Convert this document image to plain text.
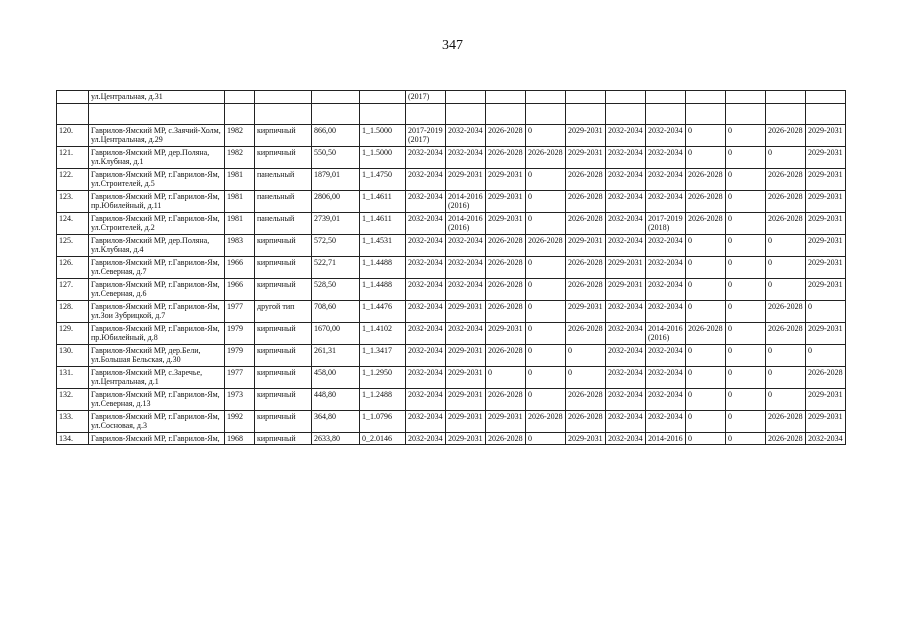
347
	ул.Центральная, д.31					(2017)										

120.	Гаврилов-Ямский МР, с.Заячий-Холм, ул.Центральная, д.29	1982	кирпичный	866,00	1_1.5000	2017-2019 (2017)	2032-2034	2026-2028	0	2029-2031	2032-2034	2032-2034	0	0	2026-2028	2029-2031
121.	Гаврилов-Ямский МР, дер.Поляна, ул.Клубная, д.1	1982	кирпичный	550,50	1_1.5000	2032-2034	2032-2034	2026-2028	2026-2028	2029-2031	2032-2034	2032-2034	0	0	0	2029-2031
122.	Гаврилов-Ямский МР, г.Гаврилов-Ям, ул.Строителей, д.5	1981	панельный	1879,01	1_1.4750	2032-2034	2029-2031	2029-2031	0	2026-2028	2032-2034	2032-2034	2026-2028	0	2026-2028	2029-2031
123.	Гаврилов-Ямский МР, г.Гаврилов-Ям, пр.Юбилейный, д.11	1981	панельный	2806,00	1_1.4611	2032-2034	2014-2016 (2016)	2029-2031	0	2026-2028	2032-2034	2032-2034	2026-2028	0	2026-2028	2029-2031
124.	Гаврилов-Ямский МР, г.Гаврилов-Ям, ул.Строителей, д.2	1981	панельный	2739,01	1_1.4611	2032-2034	2014-2016 (2016)	2029-2031	0	2026-2028	2032-2034	2017-2019 (2018)	2026-2028	0	2026-2028	2029-2031
125.	Гаврилов-Ямский МР, дер.Поляна, ул.Клубная, д.4	1983	кирпичный	572,50	1_1.4531	2032-2034	2032-2034	2026-2028	2026-2028	2029-2031	2032-2034	2032-2034	0	0	0	2029-2031
126.	Гаврилов-Ямский МР, г.Гаврилов-Ям, ул.Северная, д.7	1966	кирпичный	522,71	1_1.4488	2032-2034	2032-2034	2026-2028	0	2026-2028	2029-2031	2032-2034	0	0	0	2029-2031
127.	Гаврилов-Ямский МР, г.Гаврилов-Ям, ул.Северная, д.6	1966	кирпичный	528,50	1_1.4488	2032-2034	2032-2034	2026-2028	0	2026-2028	2029-2031	2032-2034	0	0	0	2029-2031
128.	Гаврилов-Ямский МР, г.Гаврилов-Ям, ул.Зои Зубрицкой, д.7	1977	другой тип	708,60	1_1.4476	2032-2034	2029-2031	2026-2028	0	2029-2031	2032-2034	2032-2034	0	0	2026-2028	0
129.	Гаврилов-Ямский МР, г.Гаврилов-Ям, пр.Юбилейный, д.8	1979	кирпичный	1670,00	1_1.4102	2032-2034	2032-2034	2029-2031	0	2026-2028	2032-2034	2014-2016 (2016)	2026-2028	0	2026-2028	2029-2031
130.	Гаврилов-Ямский МР, дер.Бели, ул.Большая Бельская, д.30	1979	кирпичный	261,31	1_1.3417	2032-2034	2029-2031	2026-2028	0	0	2032-2034	2032-2034	0	0	0	0
131.	Гаврилов-Ямский МР, с.Заречье, ул.Центральная, д.1	1977	кирпичный	458,00	1_1.2950	2032-2034	2029-2031	0	0	0	2032-2034	2032-2034	0	0	0	2026-2028
132.	Гаврилов-Ямский МР, г.Гаврилов-Ям, ул.Северная, д.13	1973	кирпичный	448,80	1_1.2488	2032-2034	2029-2031	2026-2028	0	2026-2028	2032-2034	2032-2034	0	0	0	2029-2031
133.	Гаврилов-Ямский МР, г.Гаврилов-Ям, ул.Сосновая, д.3	1992	кирпичный	364,80	1_1.0796	2032-2034	2029-2031	2029-2031	2026-2028	2026-2028	2032-2034	2032-2034	0	0	2026-2028	2029-2031
134.	Гаврилов-Ямский МР, г.Гаврилов-Ям,	1968	кирпичный	2633,80	0_2.0146	2032-2034	2029-2031	2026-2028	0	2029-2031	2032-2034	2014-2016	0	0	2026-2028	2032-2034
